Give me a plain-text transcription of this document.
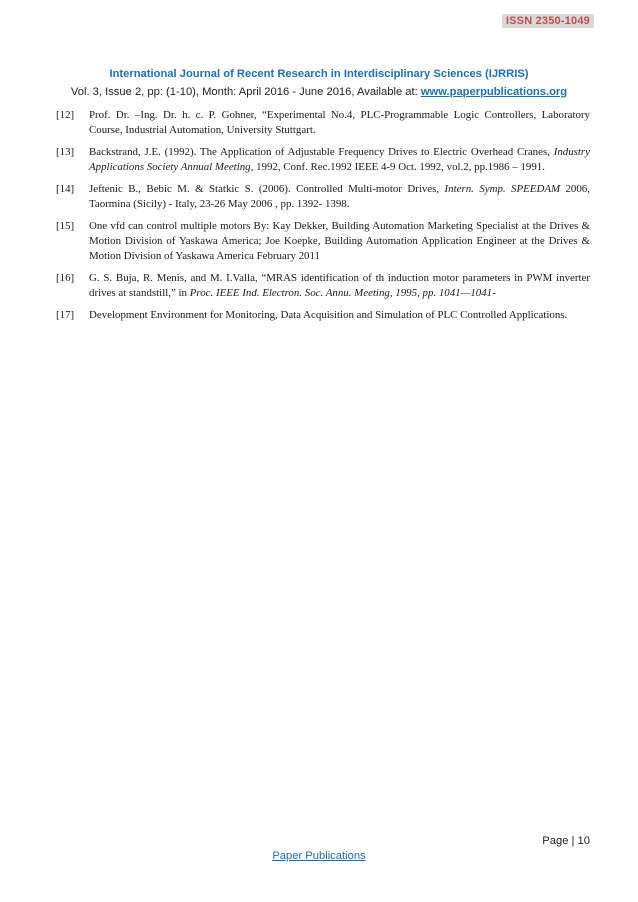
ISSN 2350-1049
International Journal of Recent Research in Interdisciplinary Sciences (IJRRIS)
Vol. 3, Issue 2, pp: (1-10), Month: April 2016 - June 2016, Available at: www.paperpublications.org
[12]	Prof. Dr. –Ing. Dr. h. c. P. Gohner, “Experimental No.4, PLC-Programmable Logic Controllers, Laboratory Course, Industrial Automation, University Stuttgart.
[13]	Backstrand, J.E. (1992). The Application of Adjustable Frequency Drives to Electric Overhead Cranes, Industry Applications Society Annual Meeting, 1992, Conf. Rec.1992 IEEE 4-9 Oct. 1992, vol.2, pp.1986 – 1991.
[14]	Jeftenic B., Bebic M. & Statkic S. (2006). Controlled Multi-motor Drives, Intern. Symp. SPEEDAM 2006, Taormina (Sicily) - Italy, 23-26 May 2006 , pp. 1392- 1398.
[15]	One vfd can control multiple motors By: Kay Dekker, Building Automation Marketing Specialist at the Drives & Motion Division of Yaskawa America; Joe Koepke, Building Automation Application Engineer at the Drives & Motion Division of Yaskawa America February 2011
[16]	G. S. Buja, R. Menis, and M. I.Valla, “MRAS identification of th induction motor parameters in PWM inverter drives at standstill,” in Proc. IEEE Ind. Electron. Soc. Annu. Meeting, 1995, pp. 1041—1041-
[17]	Development Environment for Monitoring, Data Acquisition and Simulation of PLC Controlled Applications.
Page | 10
Paper Publications
